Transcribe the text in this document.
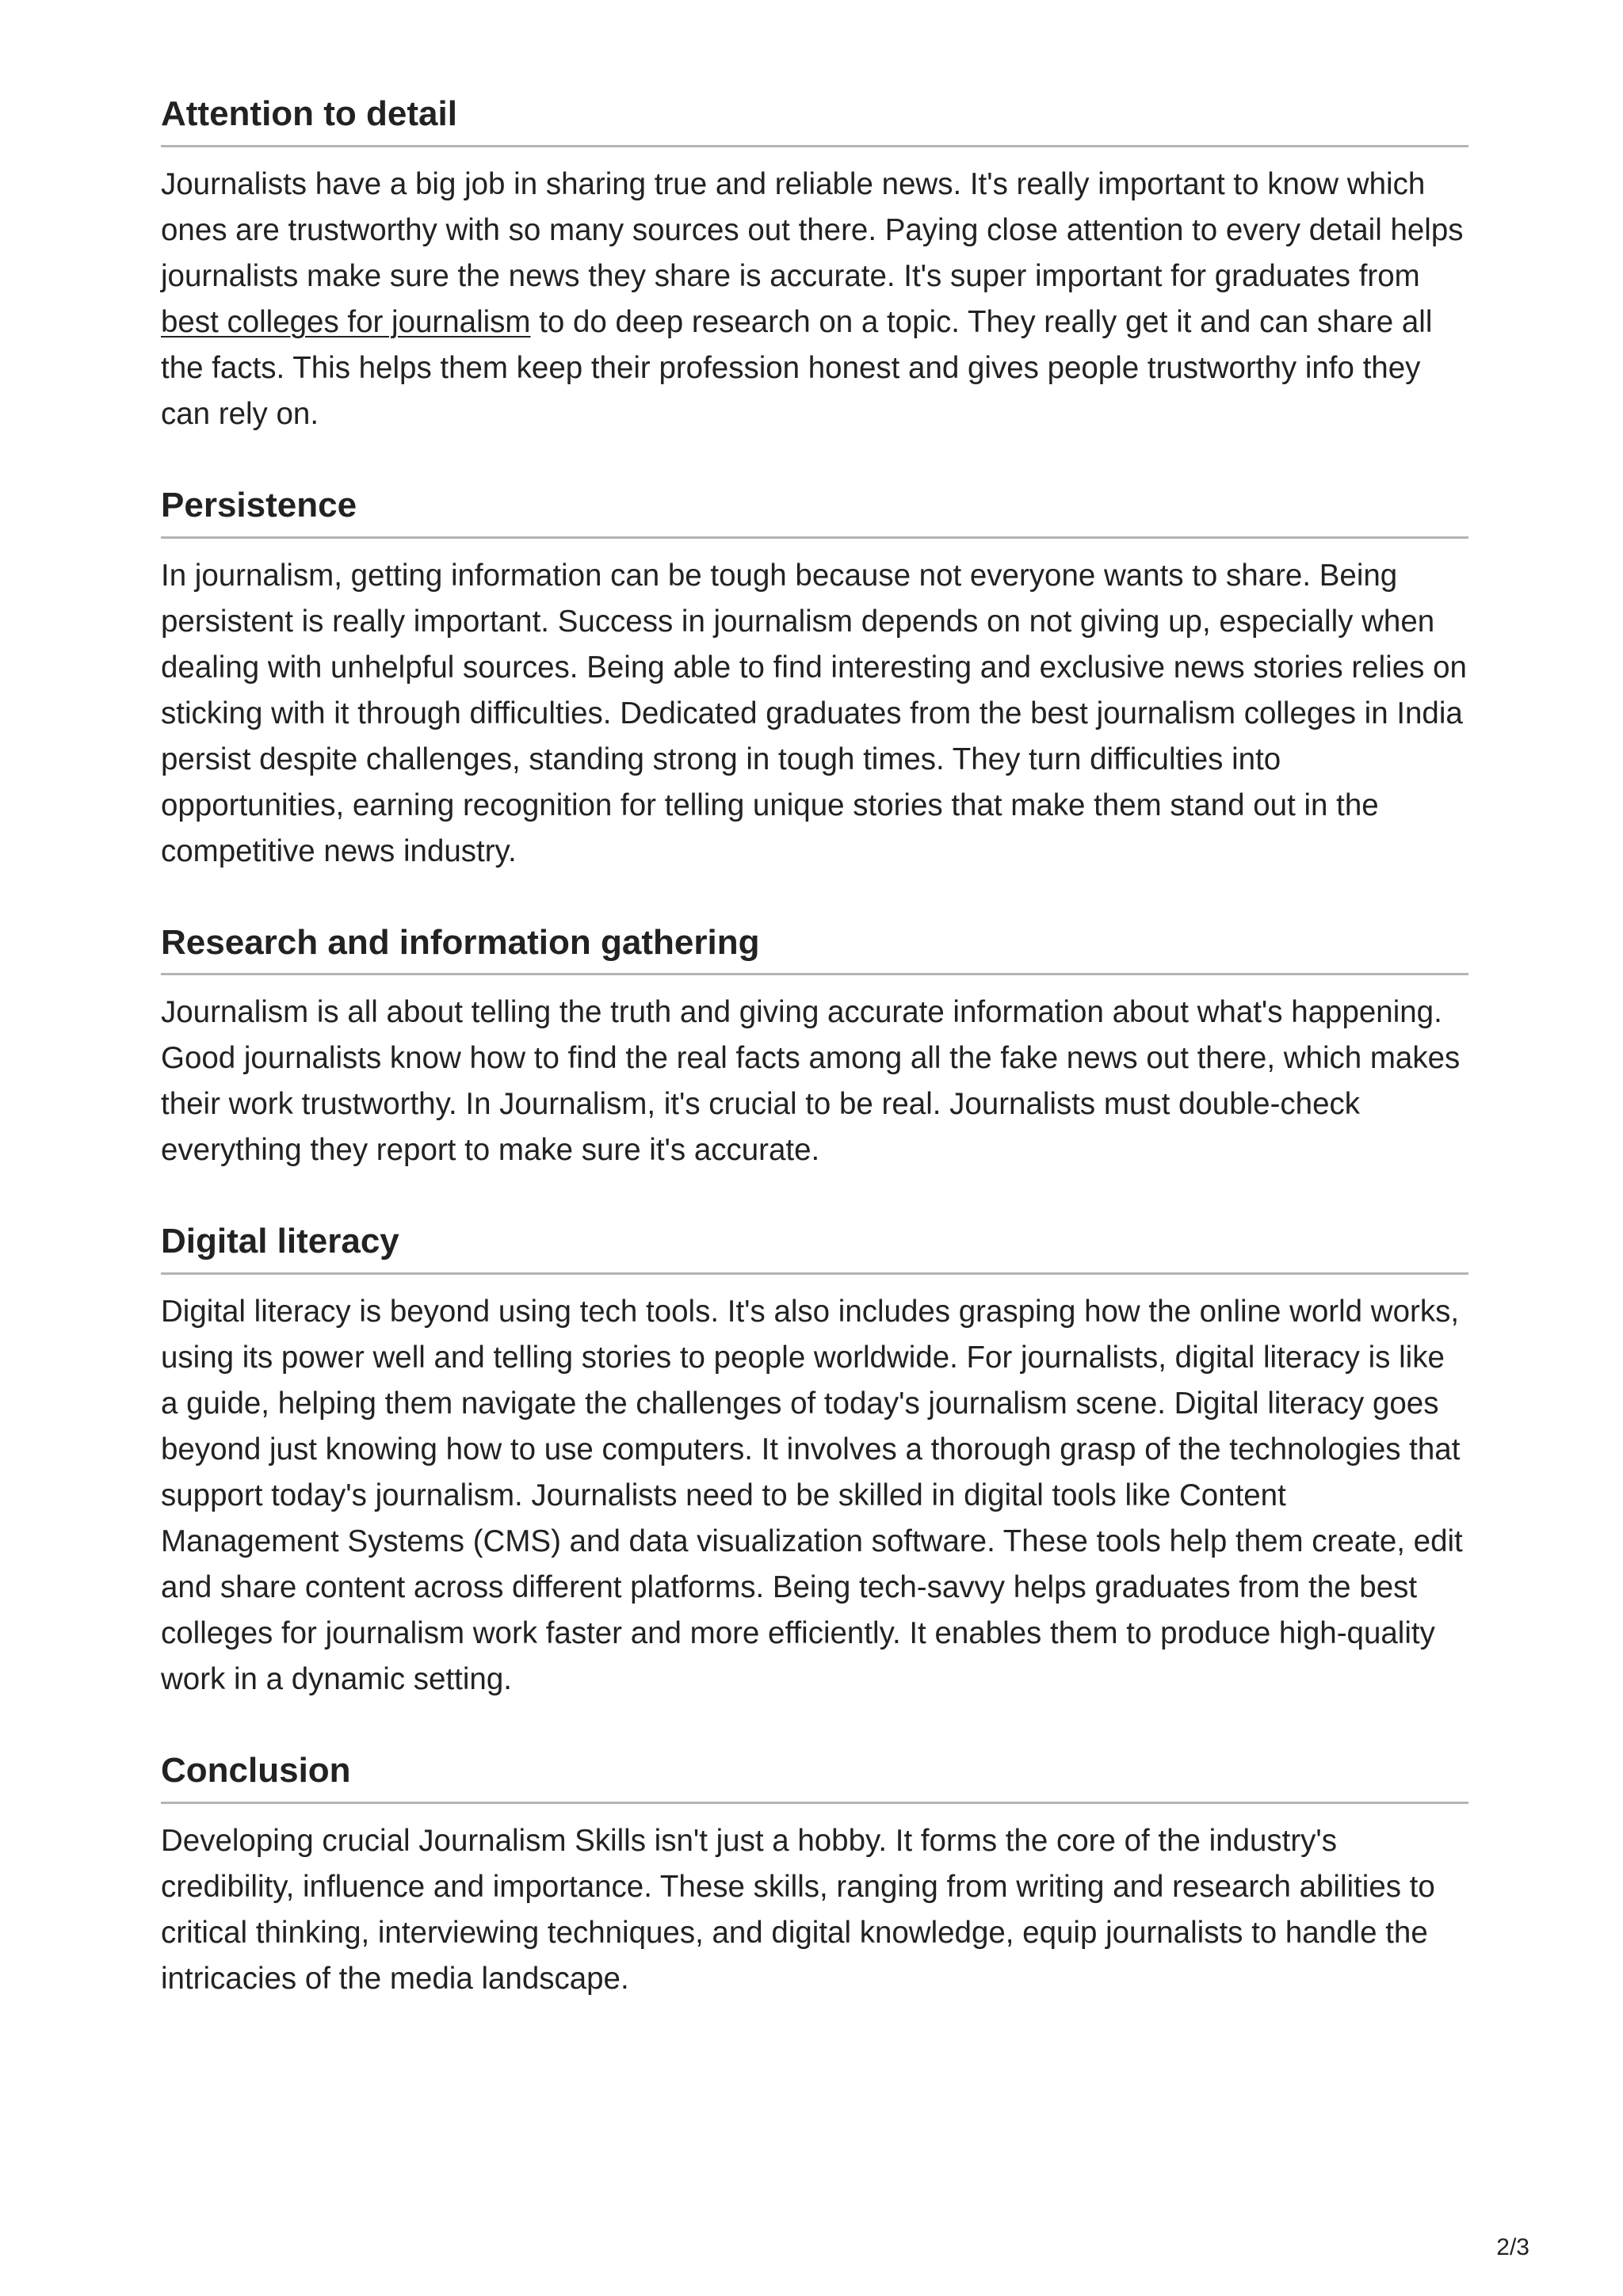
Attention to detail

Journalists have a big job in sharing true and reliable news. It's really important to know which ones are trustworthy with so many sources out there. Paying close attention to every detail helps journalists make sure the news they share is accurate. It's super important for graduates from best colleges for journalism to do deep research on a topic. They really get it and can share all the facts. This helps them keep their profession honest and gives people trustworthy info they can rely on.

Persistence

In journalism, getting information can be tough because not everyone wants to share. Being persistent is really important. Success in journalism depends on not giving up, especially when dealing with unhelpful sources. Being able to find interesting and exclusive news stories relies on sticking with it through difficulties. Dedicated graduates from the best journalism colleges in India persist despite challenges, standing strong in tough times. They turn difficulties into opportunities, earning recognition for telling unique stories that make them stand out in the competitive news industry.

Research and information gathering

Journalism is all about telling the truth and giving accurate information about what's happening. Good journalists know how to find the real facts among all the fake news out there, which makes their work trustworthy. In Journalism, it's crucial to be real. Journalists must double-check everything they report to make sure it's accurate.

Digital literacy

Digital literacy is beyond using tech tools. It's also includes grasping how the online world works, using its power well and telling stories to people worldwide. For journalists, digital literacy is like a guide, helping them navigate the challenges of today's journalism scene. Digital literacy goes beyond just knowing how to use computers. It involves a thorough grasp of the technologies that support today's journalism. Journalists need to be skilled in digital tools like Content Management Systems (CMS) and data visualization software. These tools help them create, edit and share content across different platforms. Being tech-savvy helps graduates from the best colleges for journalism work faster and more efficiently. It enables them to produce high-quality work in a dynamic setting.

Conclusion

Developing crucial Journalism Skills isn't just a hobby. It forms the core of the industry's credibility, influence and importance. These skills, ranging from writing and research abilities to critical thinking, interviewing techniques, and digital knowledge, equip journalists to handle the intricacies of the media landscape.

2/3
